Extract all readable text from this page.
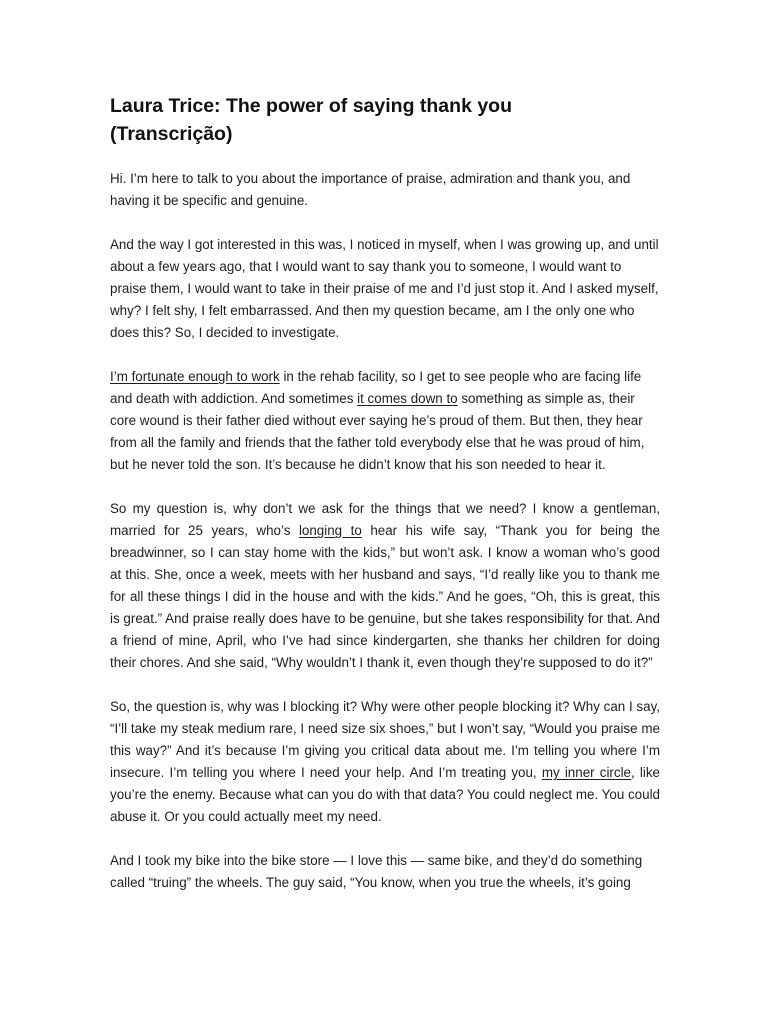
Laura Trice: The power of saying thank you
(Transcrição)

Hi. I’m here to talk to you about the importance of praise, admiration and thank you, and having it be specific and genuine.

And the way I got interested in this was, I noticed in myself, when I was growing up, and until about a few years ago, that I would want to say thank you to someone, I would want to praise them, I would want to take in their praise of me and I’d just stop it. And I asked myself, why? I felt shy, I felt embarrassed. And then my question became, am I the only one who does this? So, I decided to investigate.

I’m fortunate enough to work in the rehab facility, so I get to see people who are facing life and death with addiction. And sometimes it comes down to something as simple as, their core wound is their father died without ever saying he’s proud of them. But then, they hear from all the family and friends that the father told everybody else that he was proud of him, but he never told the son. It’s because he didn’t know that his son needed to hear it.

So my question is, why don’t we ask for the things that we need? I know a gentleman, married for 25 years, who’s longing to hear his wife say, “Thank you for being the breadwinner, so I can stay home with the kids,” but won’t ask. I know a woman who’s good at this. She, once a week, meets with her husband and says, “I’d really like you to thank me for all these things I did in the house and with the kids.” And he goes, “Oh, this is great, this is great.” And praise really does have to be genuine, but she takes responsibility for that. And a friend of mine, April, who I’ve had since kindergarten, she thanks her children for doing their chores. And she said, “Why wouldn’t I thank it, even though they’re supposed to do it?”

So, the question is, why was I blocking it? Why were other people blocking it? Why can I say, “I’ll take my steak medium rare, I need size six shoes,” but I won’t say, “Would you praise me this way?” And it’s because I’m giving you critical data about me. I’m telling you where I’m insecure. I’m telling you where I need your help. And I’m treating you, my inner circle, like you’re the enemy. Because what can you do with that data? You could neglect me. You could abuse it. Or you could actually meet my need.

And I took my bike into the bike store — I love this — same bike, and they’d do something called “truing” the wheels. The guy said, “You know, when you true the wheels, it’s going
